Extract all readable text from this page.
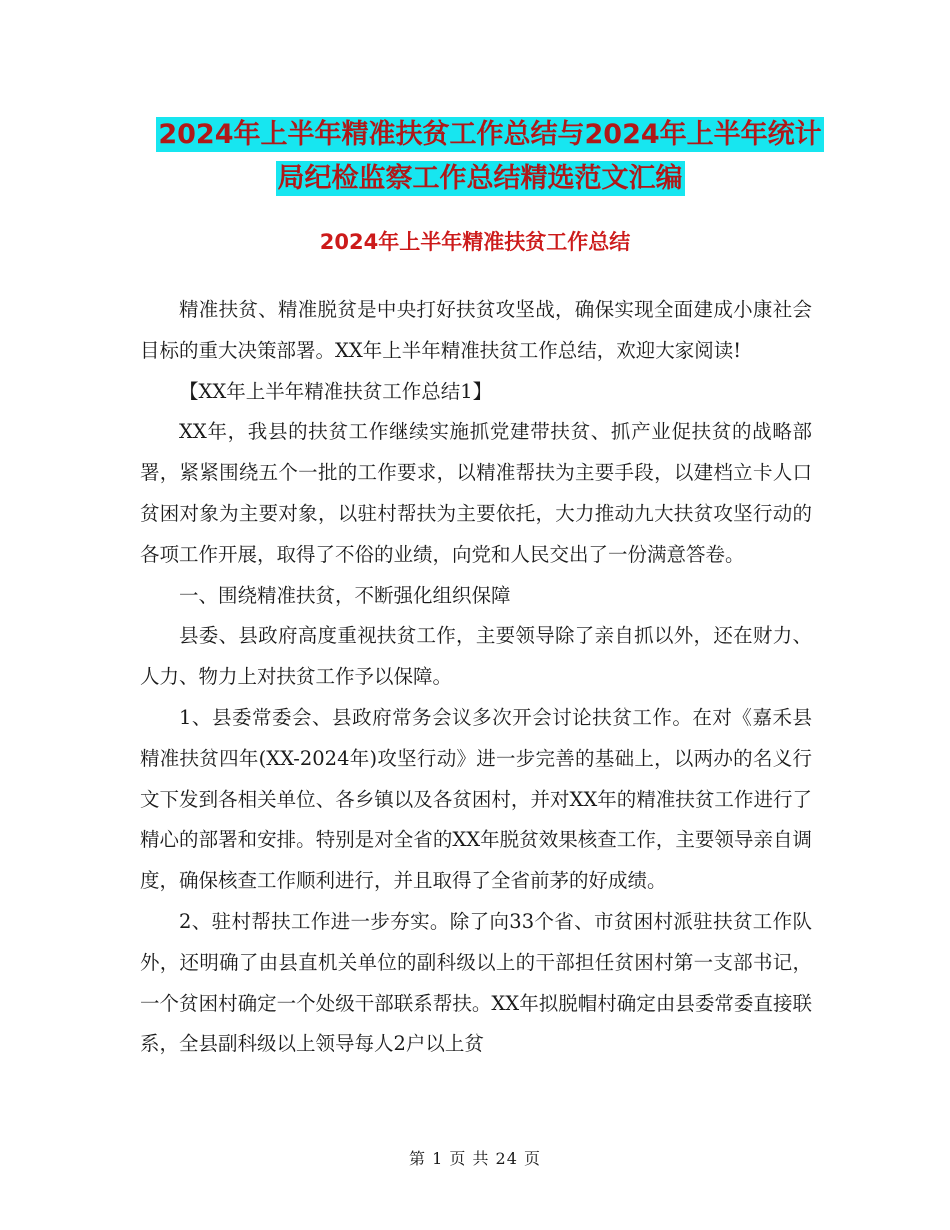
2024年上半年精准扶贫工作总结与2024年上半年统计
局纪检监察工作总结精选范文汇编
2024年上半年精准扶贫工作总结

精准扶贫、精准脱贫是中央打好扶贫攻坚战，确保实现全面建成小康社会目标的重大决策部署。XX年上半年精准扶贫工作总结，欢迎大家阅读!

【XX年上半年精准扶贫工作总结1】

XX年，我县的扶贫工作继续实施抓党建带扶贫、抓产业促扶贫的战略部署，紧紧围绕五个一批的工作要求，以精准帮扶为主要手段，以建档立卡人口贫困对象为主要对象，以驻村帮扶为主要依托，大力推动九大扶贫攻坚行动的各项工作开展，取得了不俗的业绩，向党和人民交出了一份满意答卷。

一、围绕精准扶贫，不断强化组织保障

县委、县政府高度重视扶贫工作，主要领导除了亲自抓以外，还在财力、人力、物力上对扶贫工作予以保障。

1、县委常委会、县政府常务会议多次开会讨论扶贫工作。在对《嘉禾县精准扶贫四年(XX-2024年)攻坚行动》进一步完善的基础上，以两办的名义行文下发到各相关单位、各乡镇以及各贫困村，并对XX年的精准扶贫工作进行了精心的部署和安排。特别是对全省的XX年脱贫效果核查工作，主要领导亲自调度，确保核查工作顺利进行，并且取得了全省前茅的好成绩。

2、驻村帮扶工作进一步夯实。除了向33个省、市贫困村派驻扶贫工作队外，还明确了由县直机关单位的副科级以上的干部担任贫困村第一支部书记，一个贫困村确定一个处级干部联系帮扶。XX年拟脱帽村确定由县委常委直接联系，全县副科级以上领导每人2户以上贫

第 1 页 共 24 页
